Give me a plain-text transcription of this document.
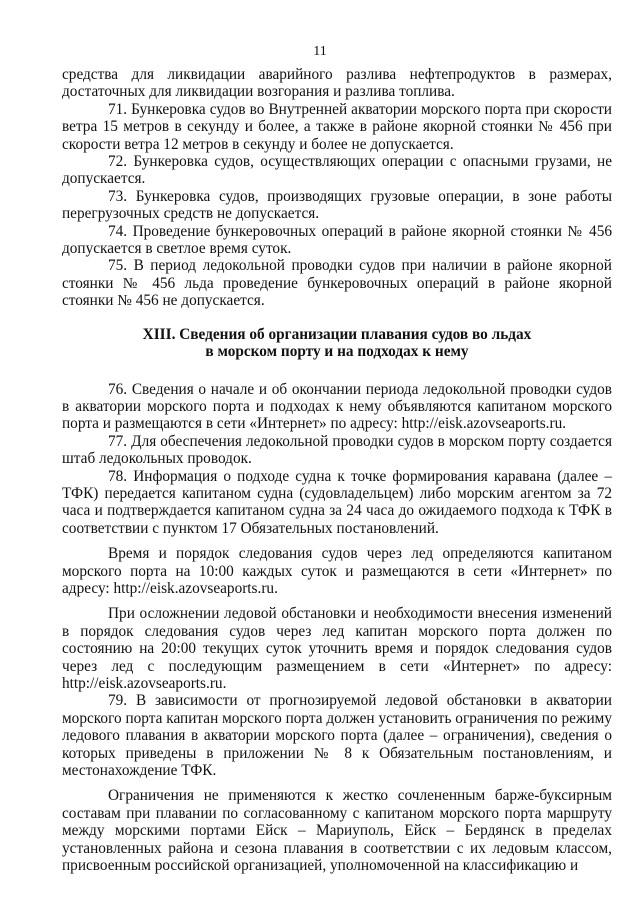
11

средства для ликвидации аварийного разлива нефтепродуктов в размерах, достаточных для ликвидации возгорания и разлива топлива.

71. Бункеровка судов во Внутренней акватории морского порта при скорости ветра 15 метров в секунду и более, а также в районе якорной стоянки № 456 при скорости ветра 12 метров в секунду и более не допускается.

72. Бункеровка судов, осуществляющих операции с опасными грузами, не допускается.

73. Бункеровка судов, производящих грузовые операции, в зоне работы перегрузочных средств не допускается.

74. Проведение бункеровочных операций в районе якорной стоянки № 456 допускается в светлое время суток.

75. В период ледокольной проводки судов при наличии в районе якорной стоянки № 456 льда проведение бункеровочных операций в районе якорной стоянки № 456 не допускается.

XIII. Сведения об организации плавания судов во льдах
в морском порту и на подходах к нему

76. Сведения о начале и об окончании периода ледокольной проводки судов в акватории морского порта и подходах к нему объявляются капитаном морского порта и размещаются в сети «Интернет» по адресу: http://eisk.azovseaports.ru.

77. Для обеспечения ледокольной проводки судов в морском порту создается штаб ледокольных проводок.

78. Информация о подходе судна к точке формирования каравана (далее – ТФК) передается капитаном судна (судовладельцем) либо морским агентом за 72 часа и подтверждается капитаном судна за 24 часа до ожидаемого подхода к ТФК в соответствии с пунктом 17 Обязательных постановлений.

Время и порядок следования судов через лед определяются капитаном морского порта на 10:00 каждых суток и размещаются в сети «Интернет» по адресу: http://eisk.azovseaports.ru.

При осложнении ледовой обстановки и необходимости внесения изменений в порядок следования судов через лед капитан морского порта должен по состоянию на 20:00 текущих суток уточнить время и порядок следования судов через лед с последующим размещением в сети «Интернет» по адресу: http://eisk.azovseaports.ru.

79. В зависимости от прогнозируемой ледовой обстановки в акватории морского порта капитан морского порта должен установить ограничения по режиму ледового плавания в акватории морского порта (далее – ограничения), сведения о которых приведены в приложении № 8 к Обязательным постановлениям, и местонахождение ТФК.

Ограничения не применяются к жестко сочлененным барже-буксирным составам при плавании по согласованному с капитаном морского порта маршруту между морскими портами Ейск – Мариуполь, Ейск – Бердянск в пределах установленных района и сезона плавания в соответствии с их ледовым классом, присвоенным российской организацией, уполномоченной на классификацию и
